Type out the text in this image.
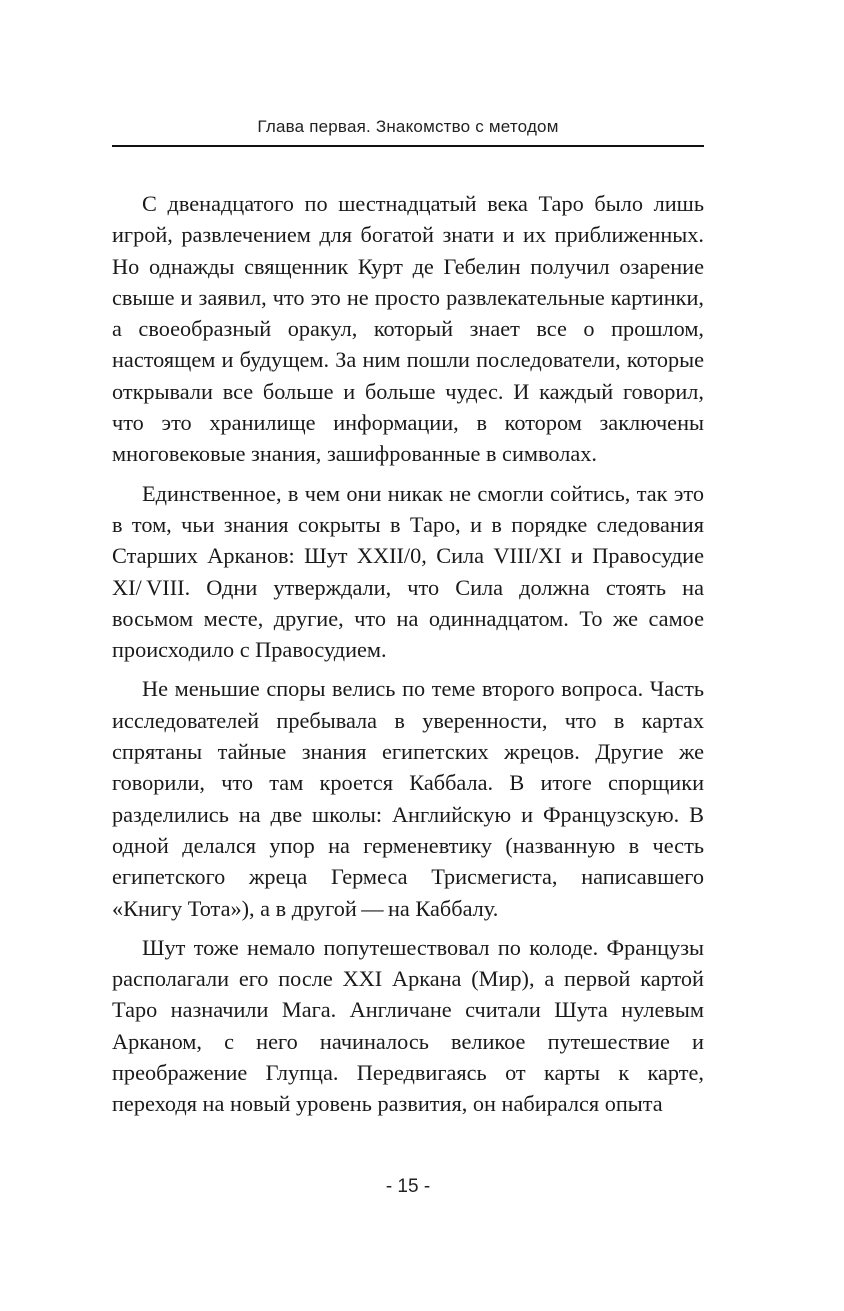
Глава первая. Знакомство с методом

С двенадцатого по шестнадцатый века Таро было лишь игрой, развлечением для богатой знати и их приближенных. Но однажды священник Курт де Гебелин получил озарение свыше и заявил, что это не просто развлекательные картинки, а своеобразный оракул, который знает все о прошлом, настоящем и будущем. За ним пошли последователи, которые открывали все больше и больше чудес. И каждый говорил, что это хранилище информации, в котором заключены многовековые знания, зашифрованные в символах.

Единственное, в чем они никак не смогли сойтись, так это в том, чьи знания сокрыты в Таро, и в порядке следования Старших Арканов: Шут XXII/0, Сила VIII/XI и Правосудие XI/ VIII. Одни утверждали, что Сила должна стоять на восьмом месте, другие, что на одиннадцатом. То же самое происходило с Правосудием.

Не меньшие споры велись по теме второго вопроса. Часть исследователей пребывала в уверенности, что в картах спрятаны тайные знания египетских жрецов. Другие же говорили, что там кроется Каббала. В итоге спорщики разделились на две школы: Английскую и Французскую. В одной делался упор на герменевтику (названную в честь египетского жреца Гермеса Трисмегиста, написавшего «Книгу Тота»), а в другой — на Каббалу.

Шут тоже немало попутешествовал по колоде. Французы располагали его после XXI Аркана (Мир), а первой картой Таро назначили Мага. Англичане считали Шута нулевым Арканом, с него начиналось великое путешествие и преображение Глупца. Передвигаясь от карты к карте, переходя на новый уровень развития, он набирался опыта

- 15 -
